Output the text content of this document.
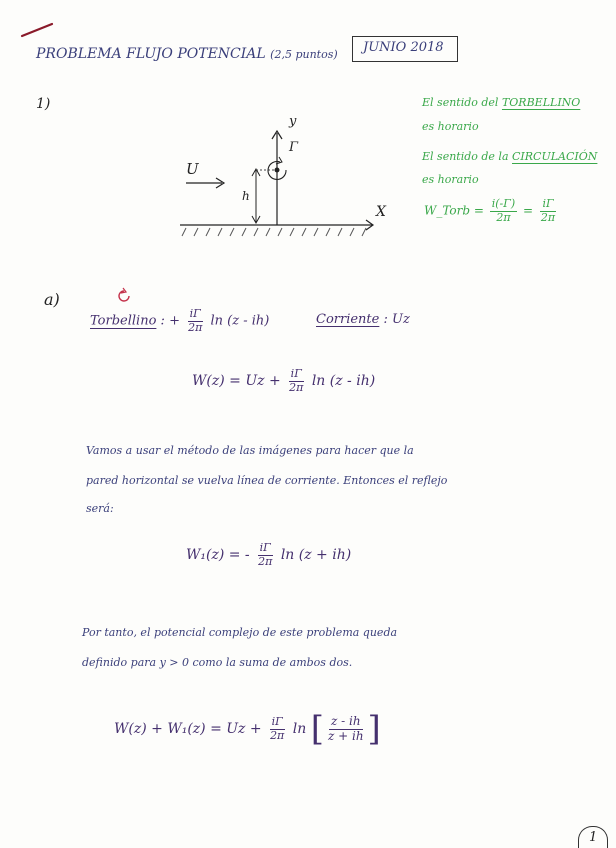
PROBLEMA FLUJO POTENCIAL (2,5 puntos) JUNIO 2018
1)
U
h
X
y
Γ
El sentido del TORBELLINO
es horario
El sentido de la CIRCULACIÓN
es horario
W_Torb = $\frac{i(-\Gamma)}{2\pi} = \frac{i\Gamma}{2\pi}$
a)
Torbellino : + $\frac{i\Gamma}{2\pi}$ ln (z - ih)	Corriente : Uz
$W(z) = Uz + \frac{i\Gamma}{2\pi}$ ln (z - ih)
Vamos a usar el método de las imágenes para hacer que la
pared horizontal se vuelva línea de corriente. Entonces el reflejo
será:
W₁(z) = - $\frac{i\Gamma}{2\pi}$ ln (z + ih)
Por tanto, el potencial complejo de este problema queda
definido para y > 0 como la suma de ambos dos.
$W(z) + W_1(z) = Uz + \frac{i\Gamma}{2\pi}$ ln [ $\frac{z - ih}{z + ih}$ ]
1
